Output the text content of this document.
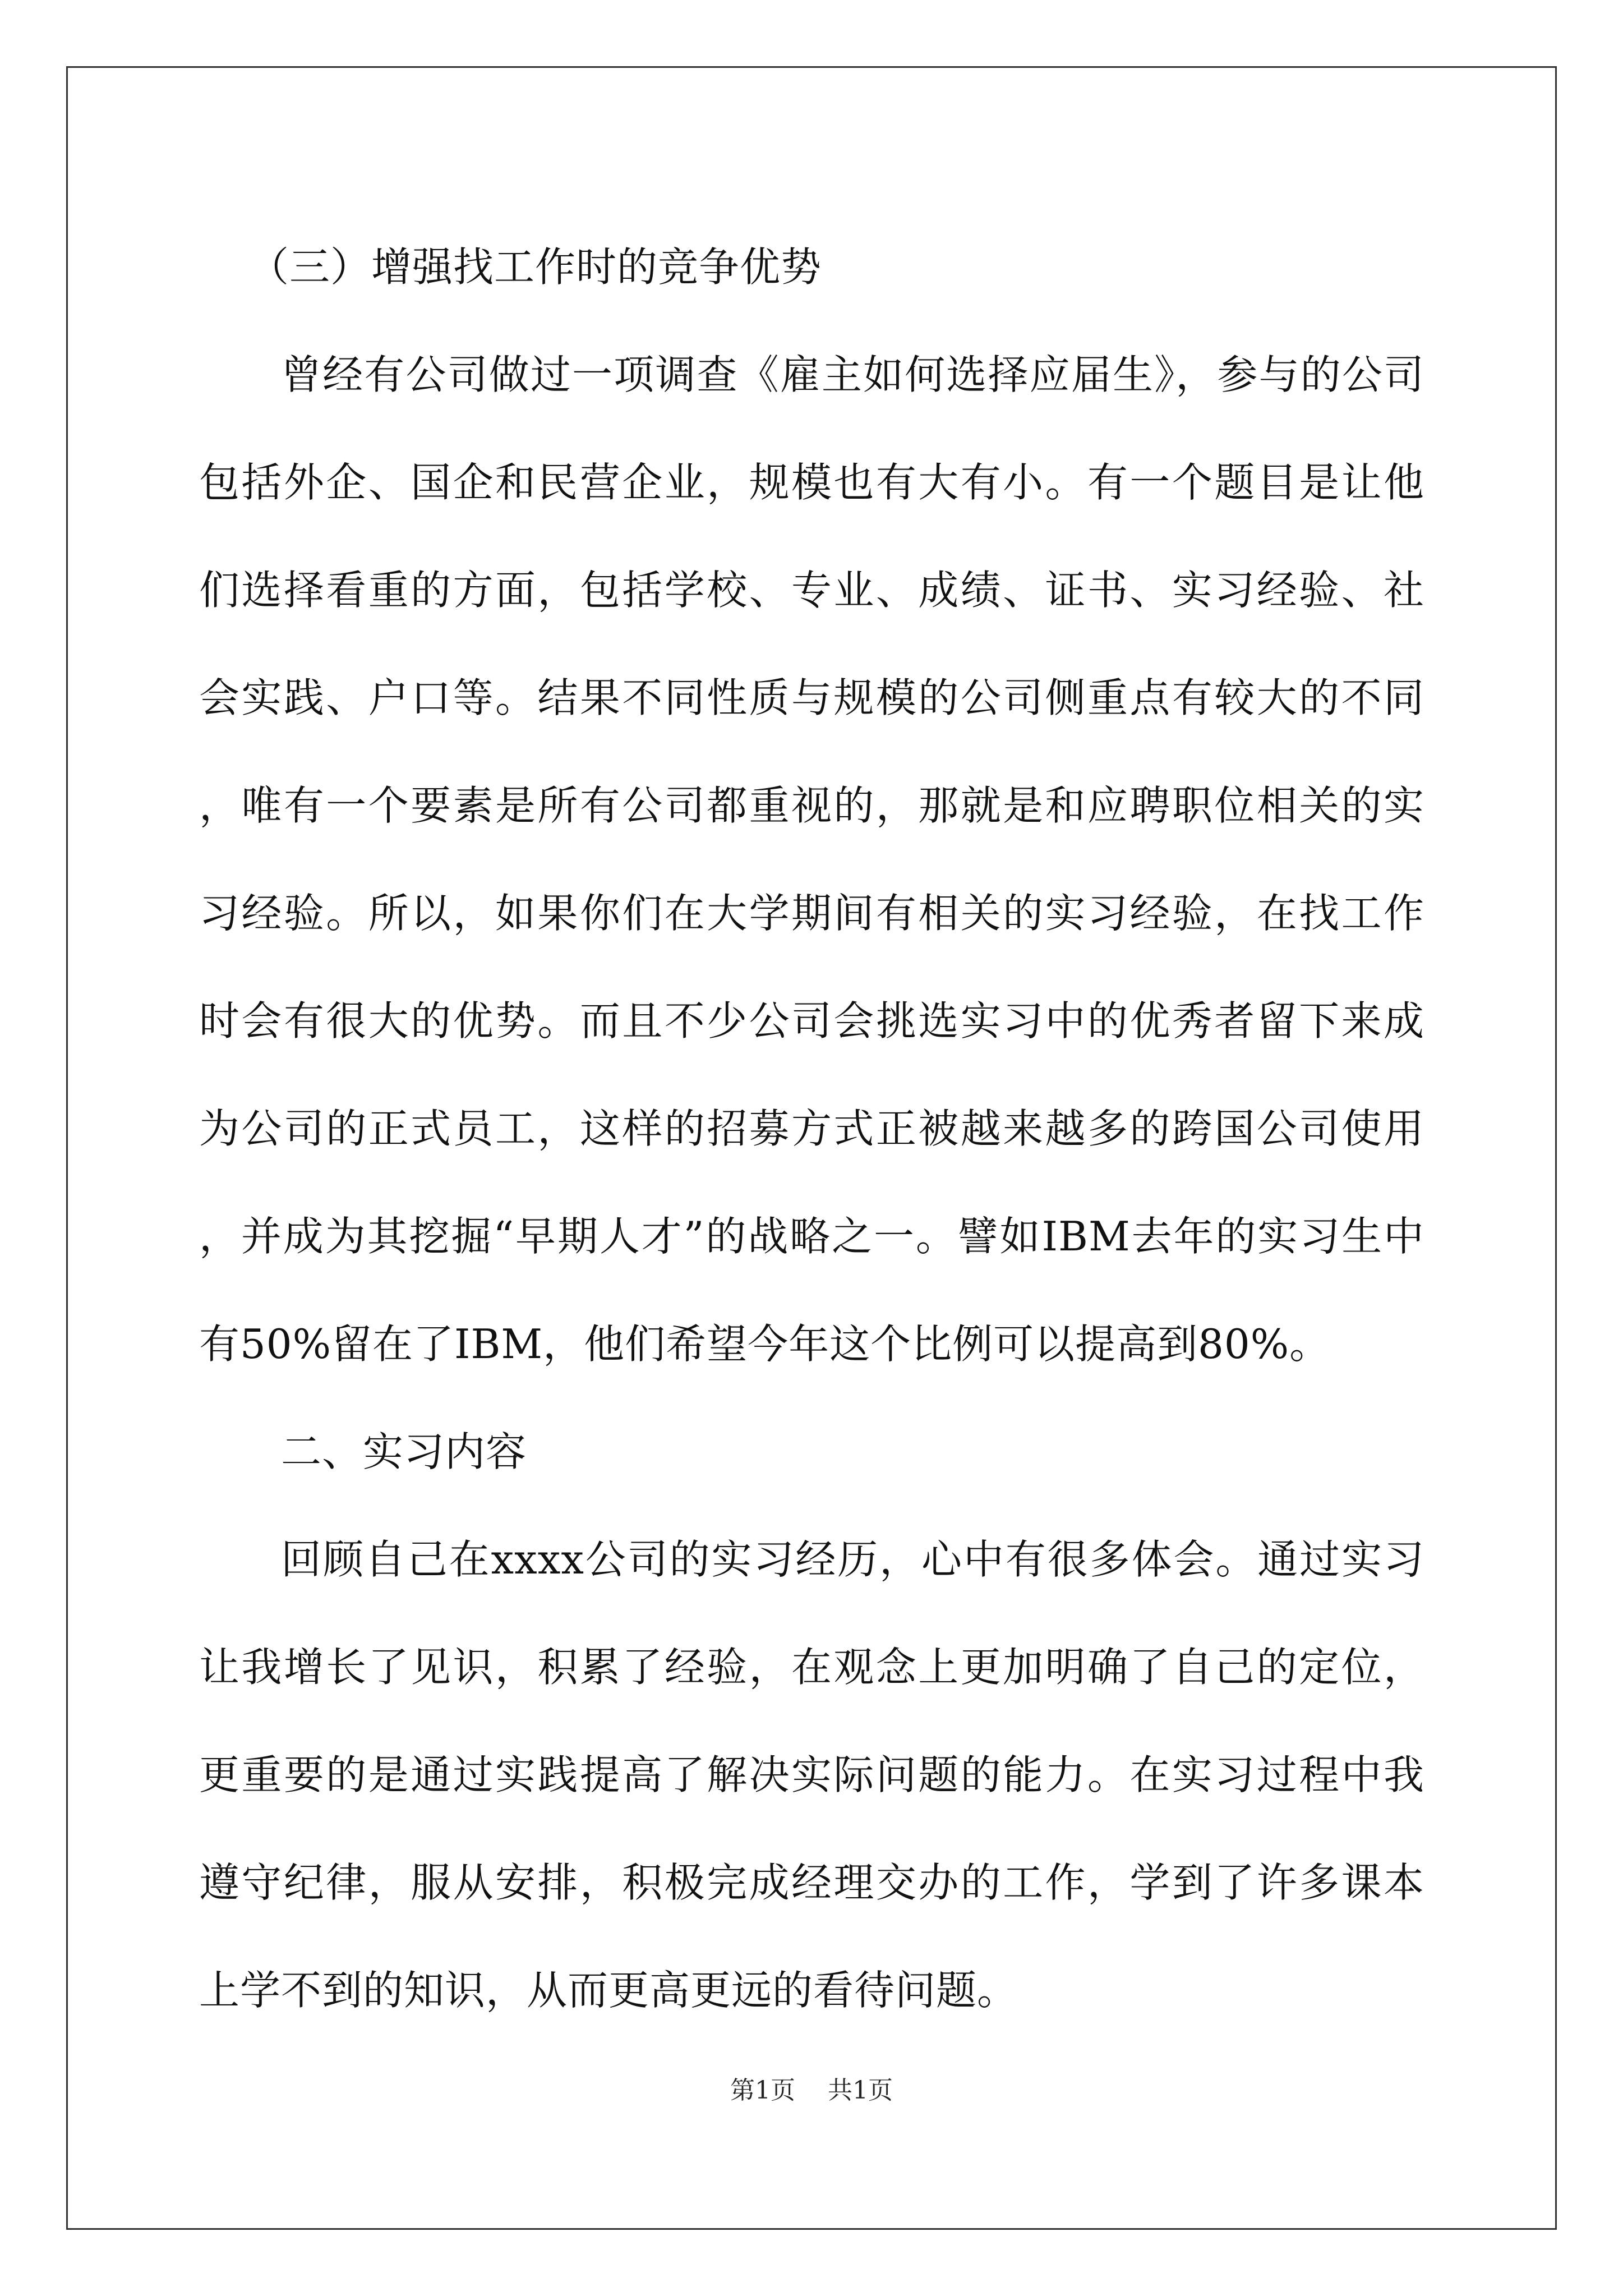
（三）增强找工作时的竞争优势

曾经有公司做过一项调查《雇主如何选择应届生》，参与的公司包括外企、国企和民营企业，规模也有大有小。有一个题目是让他们选择看重的方面，包括学校、专业、成绩、证书、实习经验、社会实践、户口等。结果不同性质与规模的公司侧重点有较大的不同，唯有一个要素是所有公司都重视的，那就是和应聘职位相关的实习经验。所以，如果你们在大学期间有相关的实习经验，在找工作时会有很大的优势。而且不少公司会挑选实习中的优秀者留下来成为公司的正式员工，这样的招募方式正被越来越多的跨国公司使用，并成为其挖掘“早期人才”的战略之一。譬如IBM去年的实习生中有50%留在了IBM，他们希望今年这个比例可以提高到80%。

二、实习内容

回顾自己在xxxx公司的实习经历，心中有很多体会。通过实习让我增长了见识，积累了经验，在观念上更加明确了自己的定位，更重要的是通过实践提高了解决实际问题的能力。在实习过程中我遵守纪律，服从安排，积极完成经理交办的工作，学到了许多课本上学不到的知识，从而更高更远的看待问题。

第1页 共1页
